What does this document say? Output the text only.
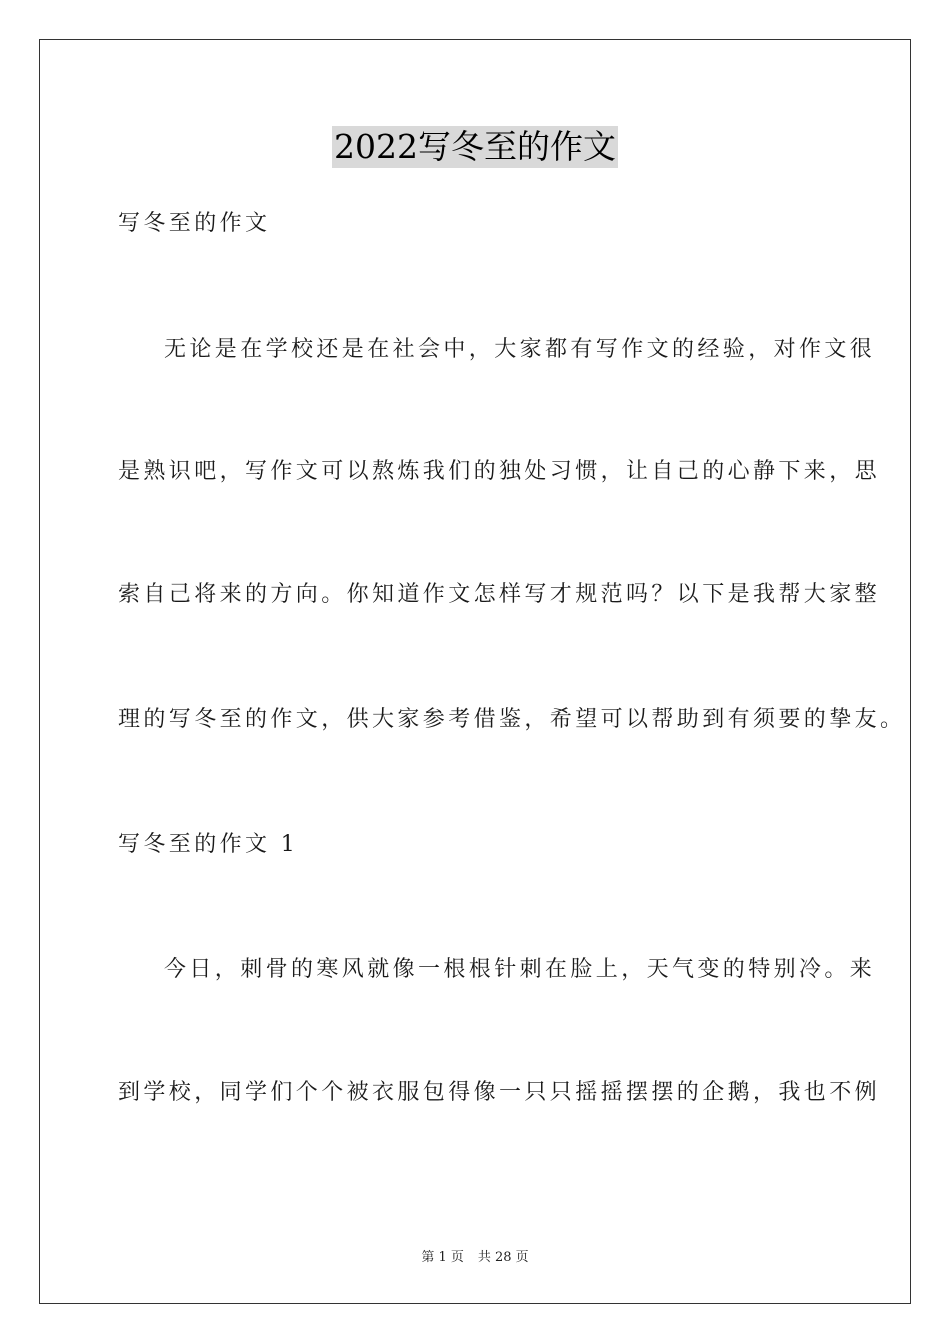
2022写冬至的作文
写冬至的作文
无论是在学校还是在社会中，大家都有写作文的经验，对作文很
是熟识吧，写作文可以熬炼我们的独处习惯，让自己的心静下来，思
索自己将来的方向。你知道作文怎样写才规范吗？以下是我帮大家整
理的写冬至的作文，供大家参考借鉴，希望可以帮助到有须要的挚友。
写冬至的作文 1
今日，刺骨的寒风就像一根根针刺在脸上，天气变的特别冷。来
到学校，同学们个个被衣服包得像一只只摇摇摆摆的企鹅，我也不例
第 1 页 共 28 页
